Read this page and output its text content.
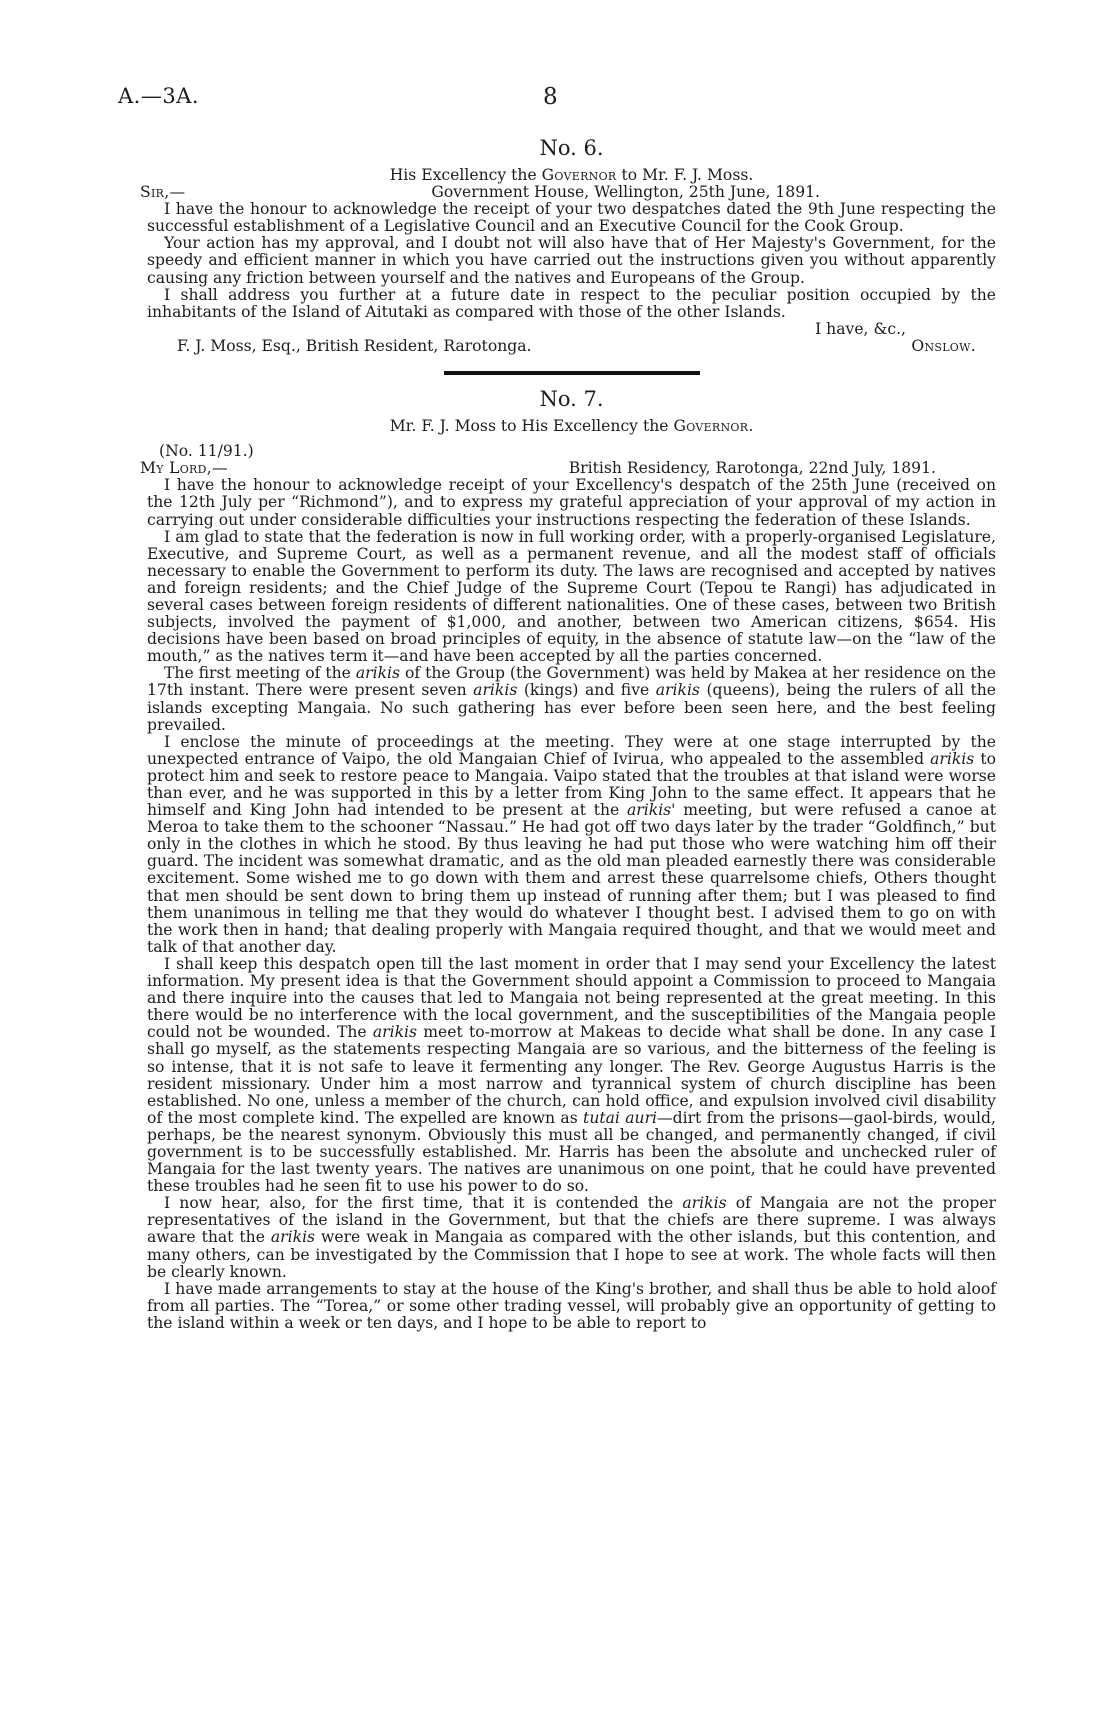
A.—3A.	8
No. 6.
His Excellency the Governor to Mr. F. J. Moss.
Sir,—	Government House, Wellington, 25th June, 1891.

I have the honour to acknowledge the receipt of your two despatches dated the 9th June respecting the successful establishment of a Legislative Council and an Executive Council for the Cook Group.

Your action has my approval, and I doubt not will also have that of Her Majesty's Government, for the speedy and efficient manner in which you have carried out the instructions given you without apparently causing any friction between yourself and the natives and Europeans of the Group.

I shall address you further at a future date in respect to the peculiar position occupied by the inhabitants of the Island of Aitutaki as compared with those of the other Islands.

I have, &c.,
F. J. Moss, Esq., British Resident, Rarotonga.	Onslow.
No. 7.
Mr. F. J. Moss to His Excellency the Governor.
(No. 11/91.)
My Lord,—	British Residency, Rarotonga, 22nd July, 1891.

I have the honour to acknowledge receipt of your Excellency's despatch of the 25th June (received on the 12th July per “Richmond”), and to express my grateful appreciation of your approval of my action in carrying out under considerable difficulties your instructions respecting the federation of these Islands.

I am glad to state that the federation is now in full working order, with a properly-organised Legislature, Executive, and Supreme Court, as well as a permanent revenue, and all the modest staff of officials necessary to enable the Government to perform its duty. The laws are recognised and accepted by natives and foreign residents; and the Chief Judge of the Supreme Court (Tepou te Rangi) has adjudicated in several cases between foreign residents of different nationalities. One of these cases, between two British subjects, involved the payment of $1,000, and another, between two American citizens, $654. His decisions have been based on broad principles of equity, in the absence of statute law—on the “law of the mouth,” as the natives term it—and have been accepted by all the parties concerned.

The first meeting of the arikis of the Group (the Government) was held by Makea at her residence on the 17th instant. There were present seven arikis (kings) and five arikis (queens), being the rulers of all the islands excepting Mangaia. No such gathering has ever before been seen here, and the best feeling prevailed.

I enclose the minute of proceedings at the meeting. They were at one stage interrupted by the unexpected entrance of Vaipo, the old Mangaian Chief of Ivirua, who appealed to the assembled arikis to protect him and seek to restore peace to Mangaia. Vaipo stated that the troubles at that island were worse than ever, and he was supported in this by a letter from King John to the same effect. It appears that he himself and King John had intended to be present at the arikis' meeting, but were refused a canoe at Meroa to take them to the schooner “Nassau.” He had got off two days later by the trader “Goldfinch,” but only in the clothes in which he stood. By thus leaving he had put those who were watching him off their guard. The incident was somewhat dramatic, and as the old man pleaded earnestly there was considerable excitement. Some wished me to go down with them and arrest these quarrelsome chiefs, Others thought that men should be sent down to bring them up instead of running after them; but I was pleased to find them unanimous in telling me that they would do whatever I thought best. I advised them to go on with the work then in hand; that dealing properly with Mangaia required thought, and that we would meet and talk of that another day.

I shall keep this despatch open till the last moment in order that I may send your Excellency the latest information. My present idea is that the Government should appoint a Commission to proceed to Mangaia and there inquire into the causes that led to Mangaia not being represented at the great meeting. In this there would be no interference with the local government, and the susceptibilities of the Mangaia people could not be wounded. The arikis meet to-morrow at Makeas to decide what shall be done. In any case I shall go myself, as the statements respecting Mangaia are so various, and the bitterness of the feeling is so intense, that it is not safe to leave it fermenting any longer. The Rev. George Augustus Harris is the resident missionary. Under him a most narrow and tyrannical system of church discipline has been established. No one, unless a member of the church, can hold office, and expulsion involved civil disability of the most complete kind. The expelled are known as tutai auri—dirt from the prisons—gaol-birds, would, perhaps, be the nearest synonym. Obviously this must all be changed, and permanently changed, if civil government is to be successfully established. Mr. Harris has been the absolute and unchecked ruler of Mangaia for the last twenty years. The natives are unanimous on one point, that he could have prevented these troubles had he seen fit to use his power to do so.

I now hear, also, for the first time, that it is contended the arikis of Mangaia are not the proper representatives of the island in the Government, but that the chiefs are there supreme. I was always aware that the arikis were weak in Mangaia as compared with the other islands, but this contention, and many others, can be investigated by the Commission that I hope to see at work. The whole facts will then be clearly known.

I have made arrangements to stay at the house of the King's brother, and shall thus be able to hold aloof from all parties. The “Torea,” or some other trading vessel, will probably give an opportunity of getting to the island within a week or ten days, and I hope to be able to report to
